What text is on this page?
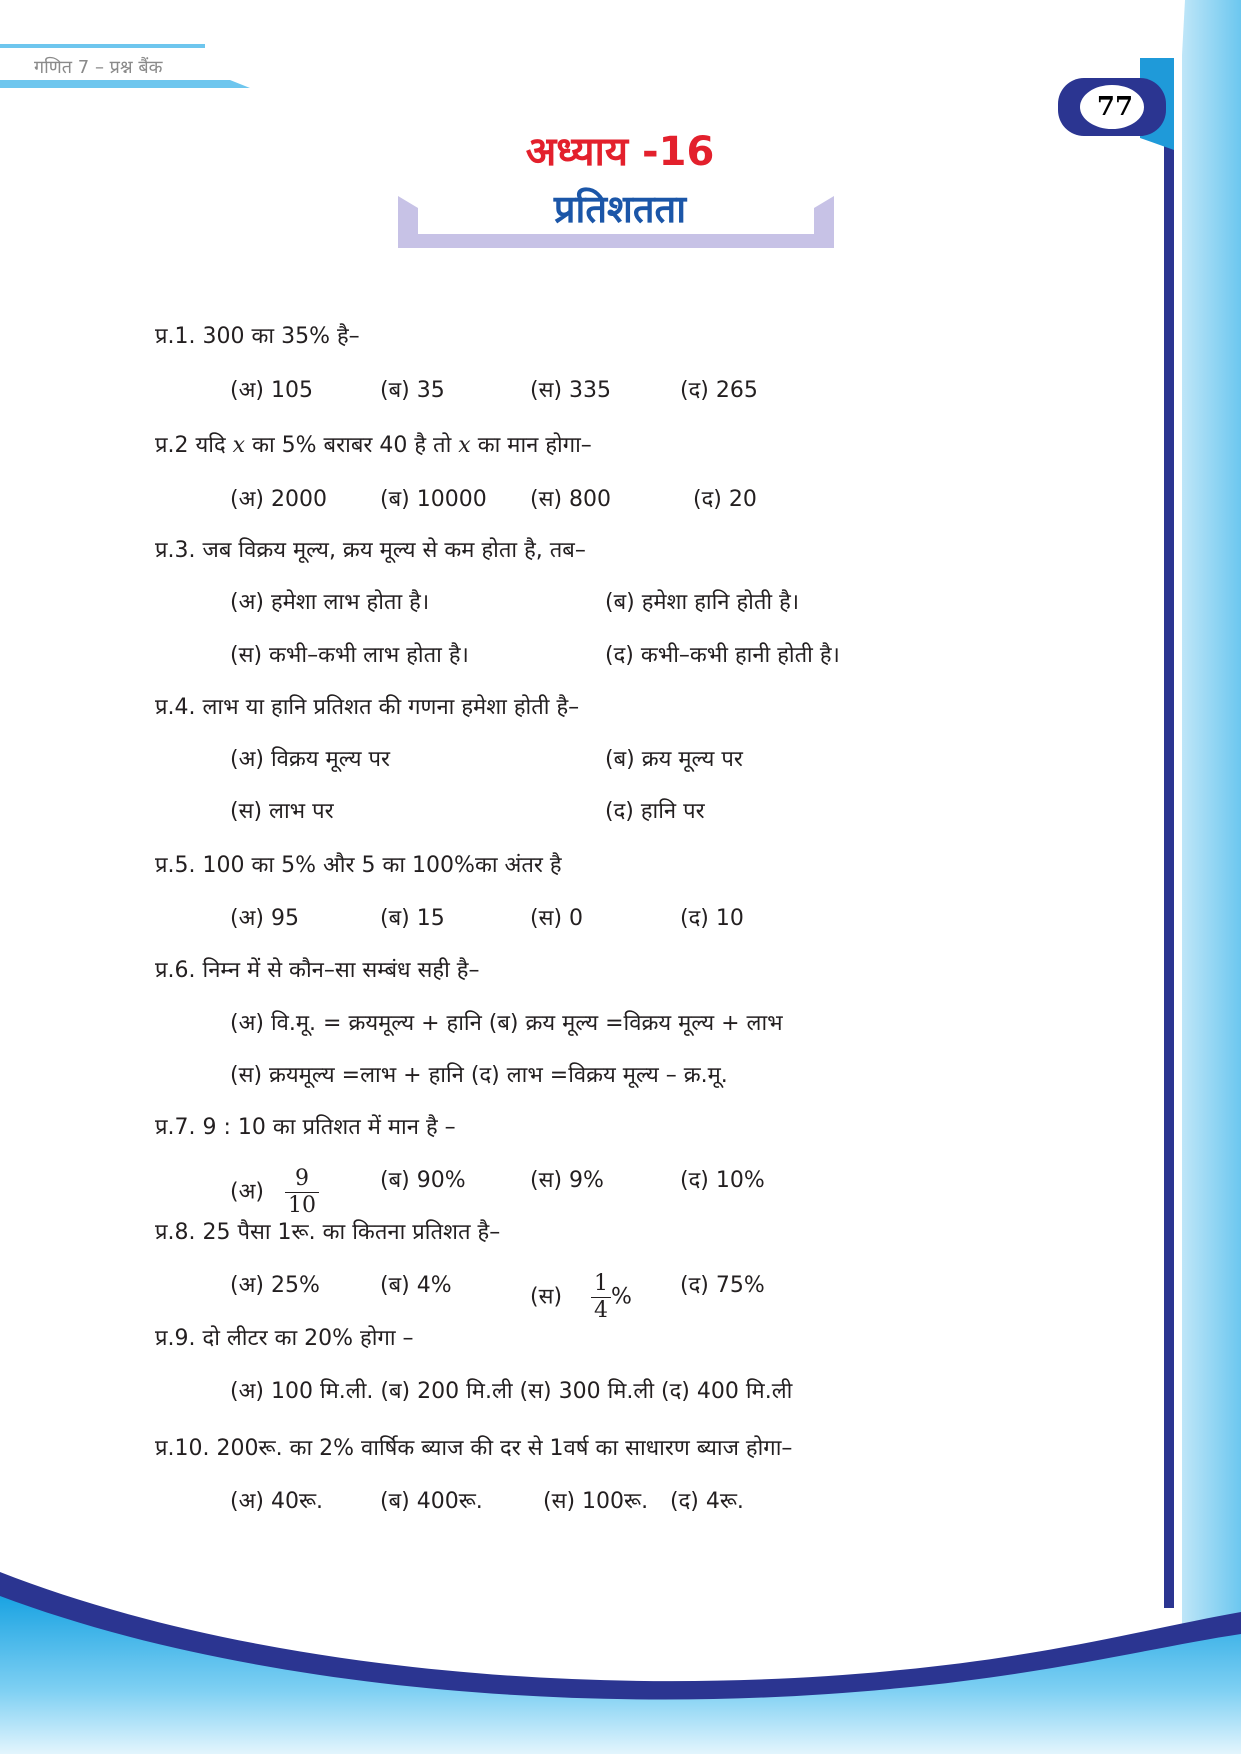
गणित 7 – प्रश्न बैंक
77
अध्याय -16
प्रतिशतता
प्र.1. 300 का 35% है–
(अ) 105	(ब) 35	(स) 335	(द) 265
प्र.2 यदि x का 5% बराबर 40 है तो x का मान होगा–
(अ) 2000 (ब) 10000 (स) 800	(द) 20
प्र.3. जब विक्रय मूल्य, क्रय मूल्य से कम होता है, तब–
(अ) हमेशा लाभ होता है।	(ब) हमेशा हानि होती है।
(स) कभी–कभी लाभ होता है।	(द) कभी–कभी हानी होती है।
प्र.4. लाभ या हानि प्रतिशत की गणना हमेशा होती है–
(अ) विक्रय मूल्य पर	(ब) क्रय मूल्य पर
(स) लाभ पर	(द) हानि पर
प्र.5. 100 का 5% और 5 का 100%का अंतर है
(अ) 95	(ब) 15	(स) 0	(द) 10
प्र.6. निम्न में से कौन–सा सम्बंध सही है–
(अ) वि.मू. = क्रयमूल्य + हानि (ब) क्रय मूल्य =विक्रय मूल्य + लाभ
(स) क्रयमूल्य =लाभ + हानि (द) लाभ =विक्रय मूल्य – क्र.मू.
प्र.7. 9 : 10 का प्रतिशत में मान है –
(अ) $\frac{9}{10}$	(ब) 90%	(स) 9%	(द) 10%
प्र.8. 25 पैसा 1रू. का कितना प्रतिशत है–
(अ) 25%	(ब) 4%	(स) $\frac{1}{4}$ % (द) 75%
प्र.9. दो लीटर का 20% होगा –
(अ) 100 मि.ली. (ब) 200 मि.ली (स) 300 मि.ली (द) 400 मि.ली
प्र.10. 200रू. का 2% वार्षिक ब्याज की दर से 1वर्ष का साधारण ब्याज होगा–
(अ) 40रू.	(ब) 400रू.	(स) 100रू. (द) 4रू.
